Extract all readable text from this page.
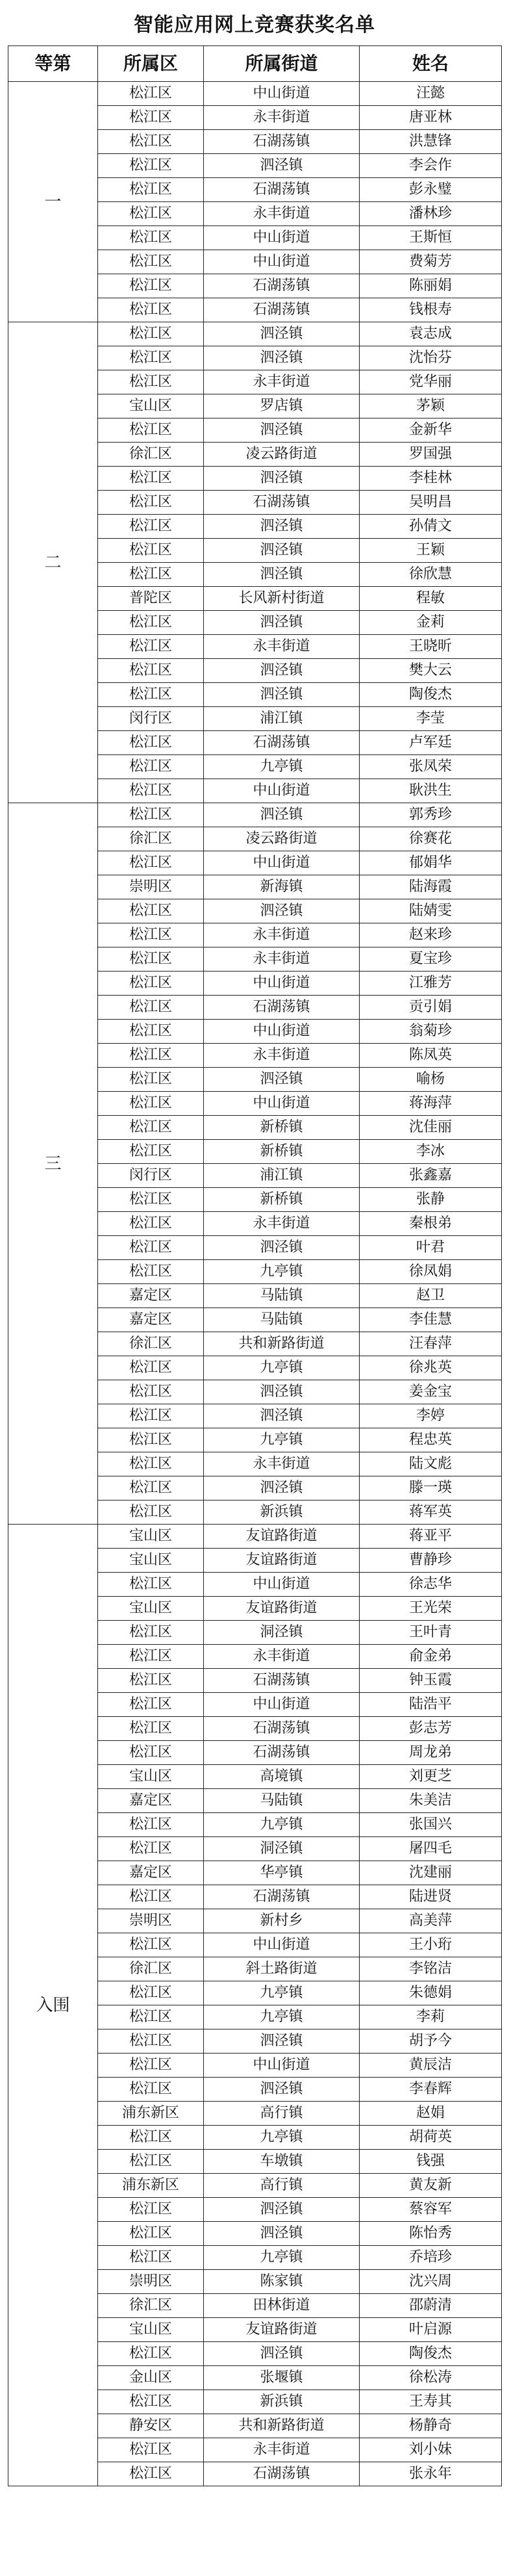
智能应用网上竞赛获奖名单
等第	所属区	所属街道	姓名
一	松江区	中山街道	汪懿
	松江区	永丰街道	唐亚林
	松江区	石湖荡镇	洪慧锋
	松江区	泗泾镇	李会作
	松江区	石湖荡镇	彭永璧
	松江区	永丰街道	潘林珍
	松江区	中山街道	王斯恒
	松江区	中山街道	费菊芳
	松江区	石湖荡镇	陈丽娟
	松江区	石湖荡镇	钱根寿
二	松江区	泗泾镇	袁志成
	松江区	泗泾镇	沈怡芬
	松江区	永丰街道	党华丽
	宝山区	罗店镇	茅颖
	松江区	泗泾镇	金新华
	徐汇区	凌云路街道	罗国强
	松江区	泗泾镇	李桂林
	松江区	石湖荡镇	吴明昌
	松江区	泗泾镇	孙倩文
	松江区	泗泾镇	王颖
	松江区	泗泾镇	徐欣慧
	普陀区	长风新村街道	程敏
	松江区	泗泾镇	金莉
	松江区	永丰街道	王晓昕
	松江区	泗泾镇	樊大云
	松江区	泗泾镇	陶俊杰
	闵行区	浦江镇	李莹
	松江区	石湖荡镇	卢军廷
	松江区	九亭镇	张凤荣
	松江区	中山街道	耿洪生
三	松江区	泗泾镇	郭秀珍
	徐汇区	凌云路街道	徐赛花
	松江区	中山街道	郁娟华
	崇明区	新海镇	陆海霞
	松江区	泗泾镇	陆婧雯
	松江区	永丰街道	赵来珍
	松江区	永丰街道	夏宝珍
	松江区	中山街道	江雅芳
	松江区	石湖荡镇	贡引娟
	松江区	中山街道	翁菊珍
	松江区	永丰街道	陈凤英
	松江区	泗泾镇	喻杨
	松江区	中山街道	蒋海萍
	松江区	新桥镇	沈佳丽
	松江区	新桥镇	李冰
	闵行区	浦江镇	张鑫嘉
	松江区	新桥镇	张静
	松江区	永丰街道	秦根弟
	松江区	泗泾镇	叶君
	松江区	九亭镇	徐凤娟
	嘉定区	马陆镇	赵卫
	嘉定区	马陆镇	李佳慧
	徐汇区	共和新路街道	汪春萍
	松江区	九亭镇	徐兆英
	松江区	泗泾镇	姜金宝
	松江区	泗泾镇	李婷
	松江区	九亭镇	程忠英
	松江区	永丰街道	陆文彪
	松江区	泗泾镇	滕一瑛
	松江区	新浜镇	蒋军英
入围	宝山区	友谊路街道	蒋亚平
	宝山区	友谊路街道	曹静珍
	松江区	中山街道	徐志华
	宝山区	友谊路街道	王光荣
	松江区	洞泾镇	王叶青
	松江区	永丰街道	俞金弟
	松江区	石湖荡镇	钟玉霞
	松江区	中山街道	陆浩平
	松江区	石湖荡镇	彭志芳
	松江区	石湖荡镇	周龙弟
	宝山区	高境镇	刘更芝
	嘉定区	马陆镇	朱美洁
	松江区	九亭镇	张国兴
	松江区	洞泾镇	屠四毛
	嘉定区	华亭镇	沈建丽
	松江区	石湖荡镇	陆进贤
	崇明区	新村乡	高美萍
	松江区	中山街道	王小珩
	徐汇区	斜土路街道	李铭洁
	松江区	九亭镇	朱德娟
	松江区	九亭镇	李莉
	松江区	泗泾镇	胡予今
	松江区	中山街道	黄辰洁
	松江区	泗泾镇	李春辉
	浦东新区	高行镇	赵娟
	松江区	九亭镇	胡荷英
	松江区	车墩镇	钱强
	浦东新区	高行镇	黄友新
	松江区	泗泾镇	蔡容军
	松江区	泗泾镇	陈怡秀
	松江区	九亭镇	乔培珍
	崇明区	陈家镇	沈兴周
	徐汇区	田林街道	邵蔚清
	宝山区	友谊路街道	叶启源
	松江区	泗泾镇	陶俊杰
	金山区	张堰镇	徐松涛
	松江区	新浜镇	王寿其
	静安区	共和新路街道	杨静奇
	松江区	永丰街道	刘小妹
	松江区	石湖荡镇	张永年
